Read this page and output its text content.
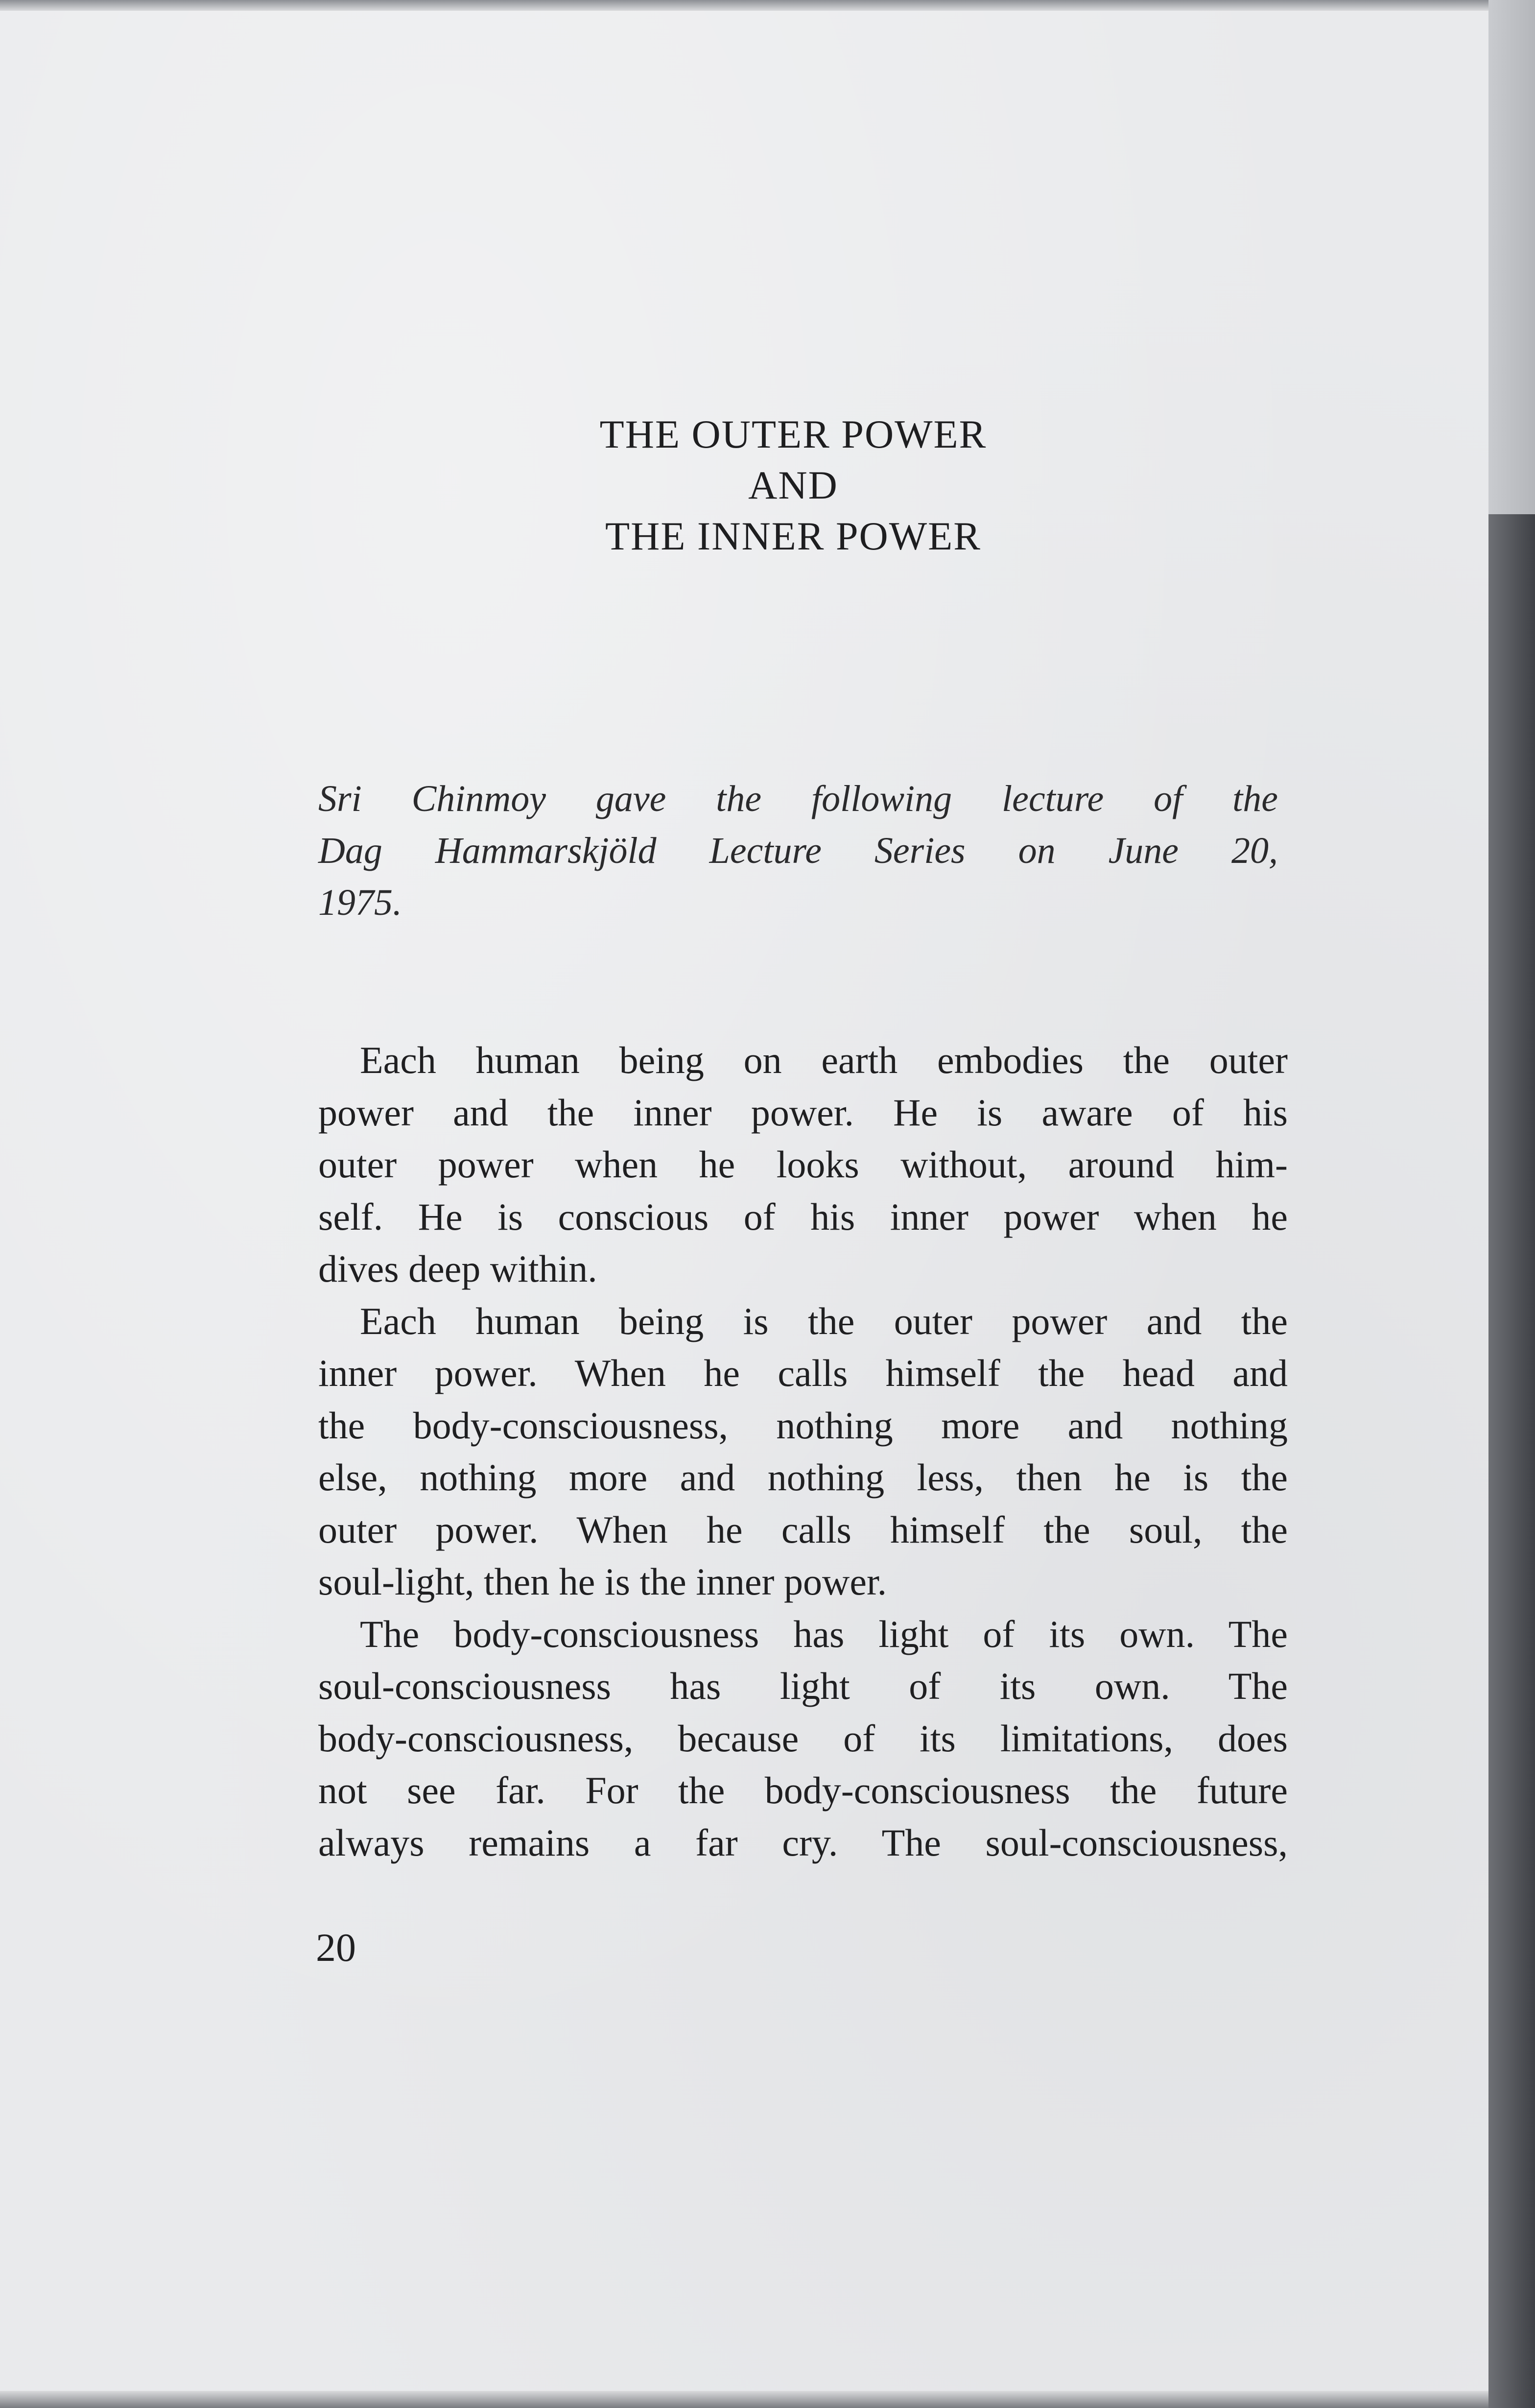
THE OUTER POWER
AND
THE INNER POWER
Sri Chinmoy gave the following lecture of the
Dag Hammarskjöld Lecture Series on June 20,
1975.
Each human being on earth embodies the outer
power and the inner power. He is aware of his
outer power when he looks without, around him-
self. He is conscious of his inner power when he
dives deep within.
Each human being is the outer power and the
inner power. When he calls himself the head and
the body-consciousness, nothing more and nothing
else, nothing more and nothing less, then he is the
outer power. When he calls himself the soul, the
soul-light, then he is the inner power.
The body-consciousness has light of its own. The
soul-consciousness has light of its own. The
body-consciousness, because of its limitations, does
not see far. For the body-consciousness the future
always remains a far cry. The soul-consciousness,
20
